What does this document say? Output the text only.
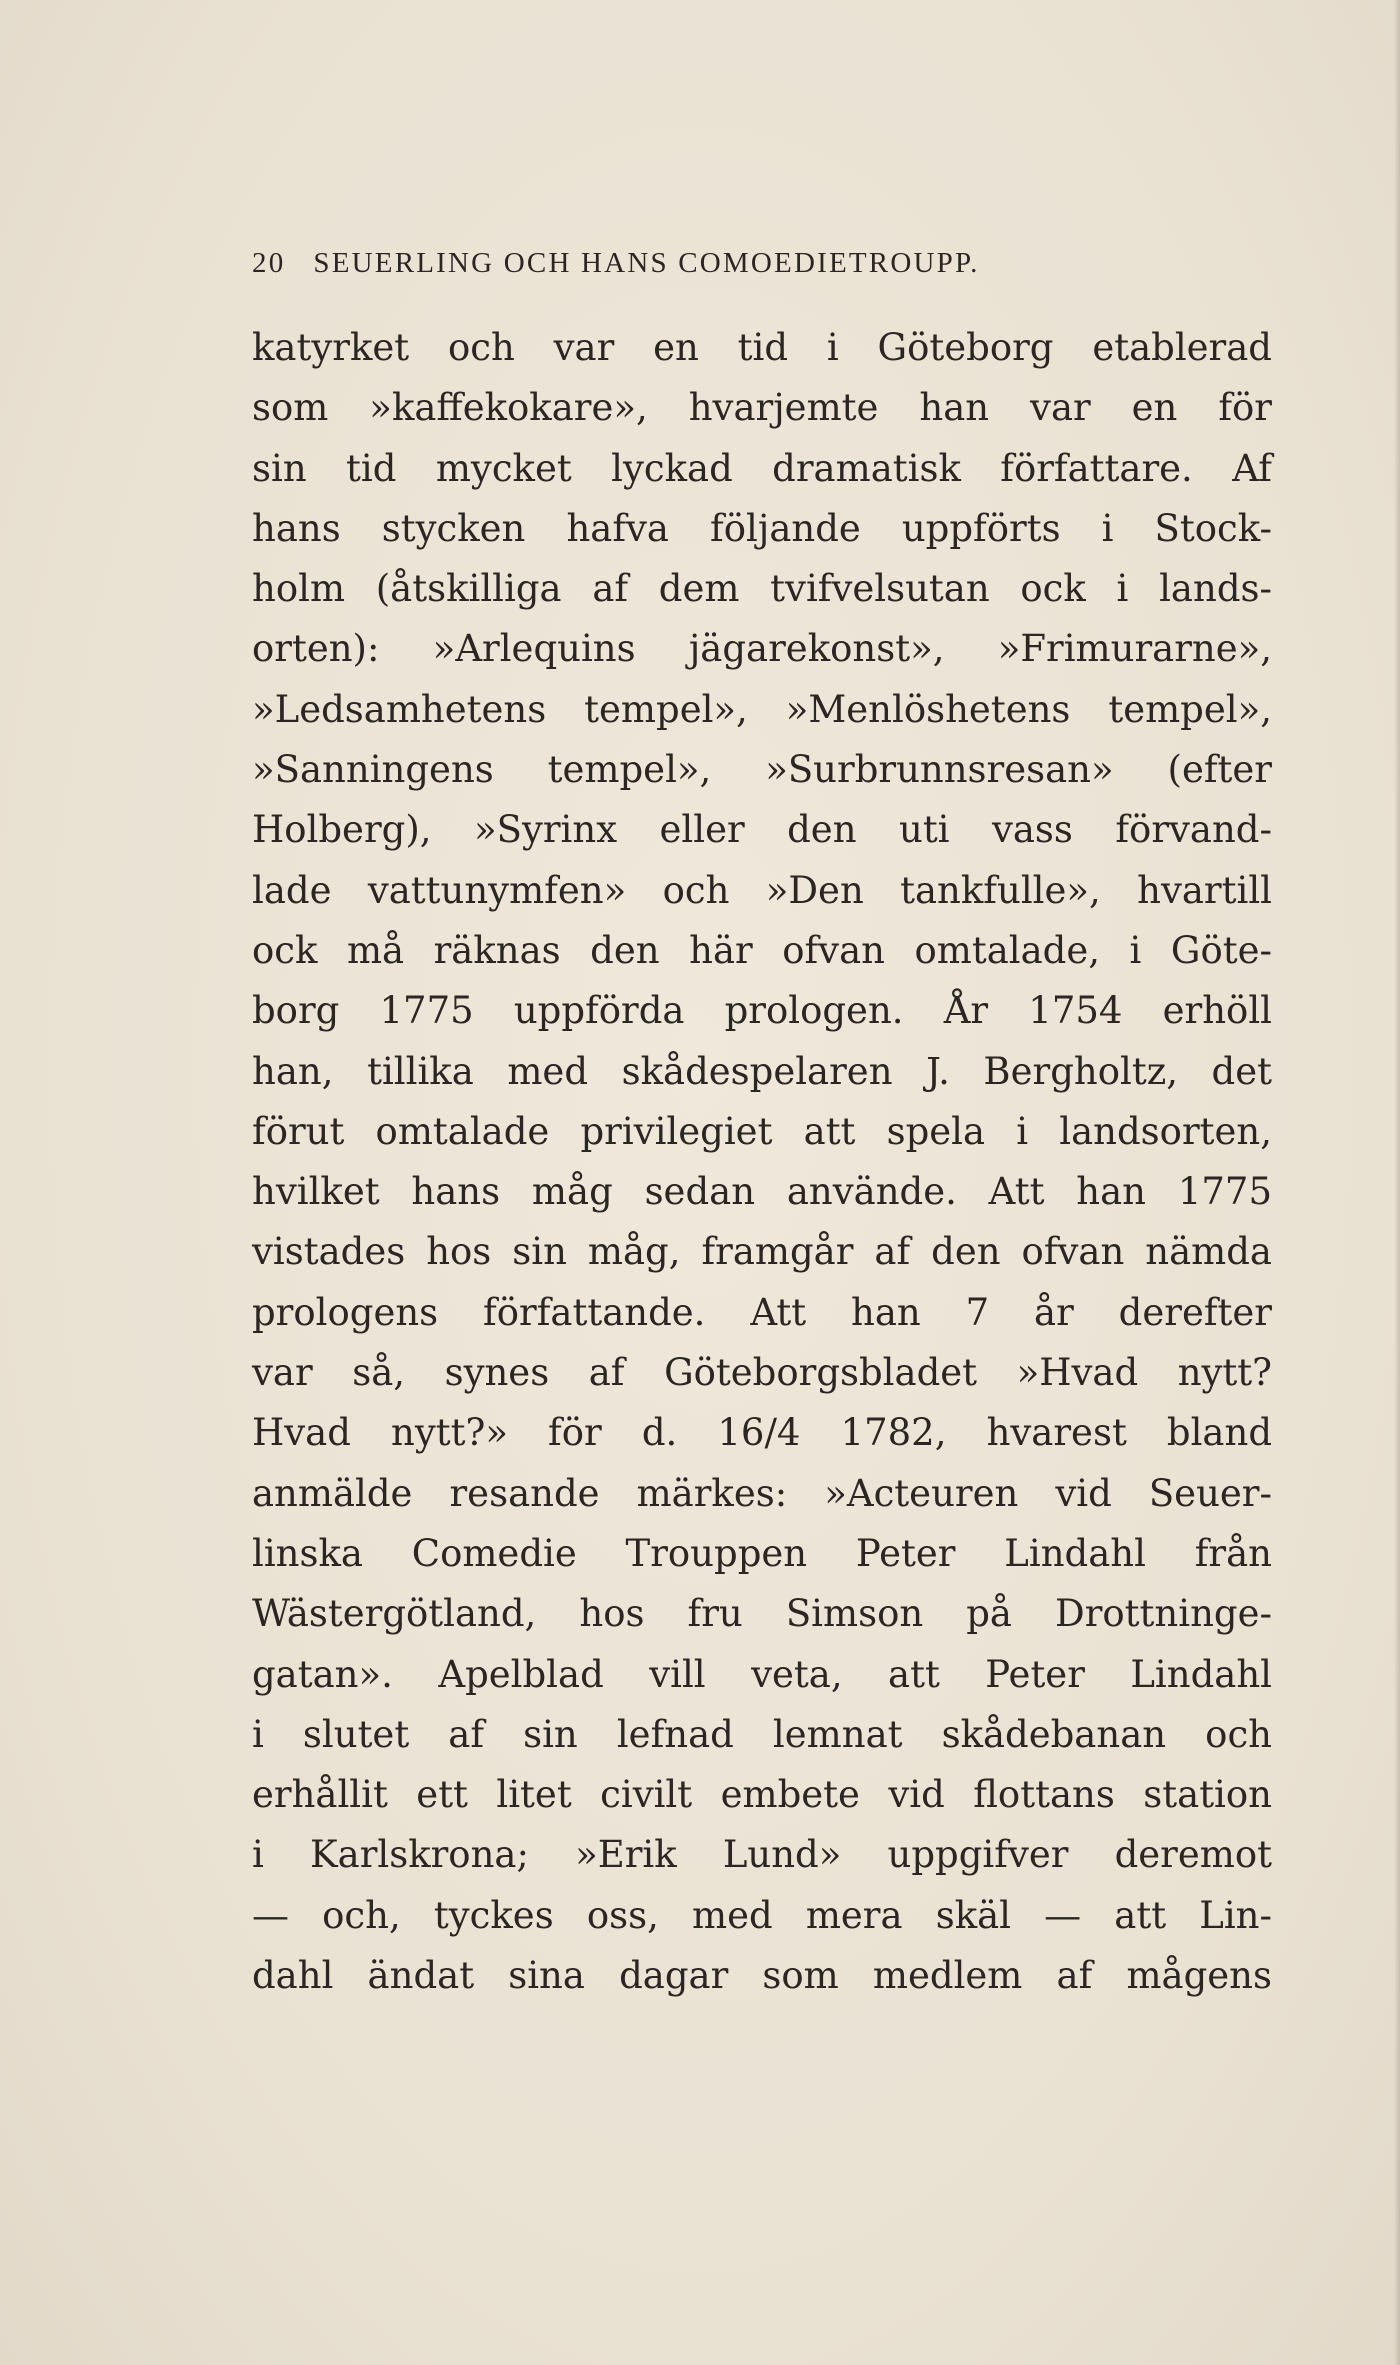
20 SEUERLING OCH HANS COMOEDIETROUPP.
katyrket och var en tid i Göteborg etablerad
som »kaffekokare», hvarjemte han var en för
sin tid mycket lyckad dramatisk författare. Af
hans stycken hafva följande uppförts i Stock-
holm (åtskilliga af dem tvifvelsutan ock i lands-
orten): »Arlequins jägarekonst», »Frimurarne»,
»Ledsamhetens tempel», »Menlöshetens tempel»,
»Sanningens tempel», »Surbrunnsresan» (efter
Holberg), »Syrinx eller den uti vass förvand-
lade vattunymfen» och »Den tankfulle», hvartill
ock må räknas den här ofvan omtalade, i Göte-
borg 1775 uppförda prologen. År 1754 erhöll
han, tillika med skådespelaren J. Bergholtz, det
förut omtalade privilegiet att spela i landsorten,
hvilket hans måg sedan använde. Att han 1775
vistades hos sin måg, framgår af den ofvan nämda
prologens författande. Att han 7 år derefter
var så, synes af Göteborgsbladet »Hvad nytt?
Hvad nytt?» för d. 16/4 1782, hvarest bland
anmälde resande märkes: »Acteuren vid Seuer-
linska Comedie Trouppen Peter Lindahl från
Wästergötland, hos fru Simson på Drottninge-
gatan». Apelblad vill veta, att Peter Lindahl
i slutet af sin lefnad lemnat skådebanan och
erhållit ett litet civilt embete vid flottans station
i Karlskrona; »Erik Lund» uppgifver deremot
— och, tyckes oss, med mera skäl — att Lin-
dahl ändat sina dagar som medlem af mågens
